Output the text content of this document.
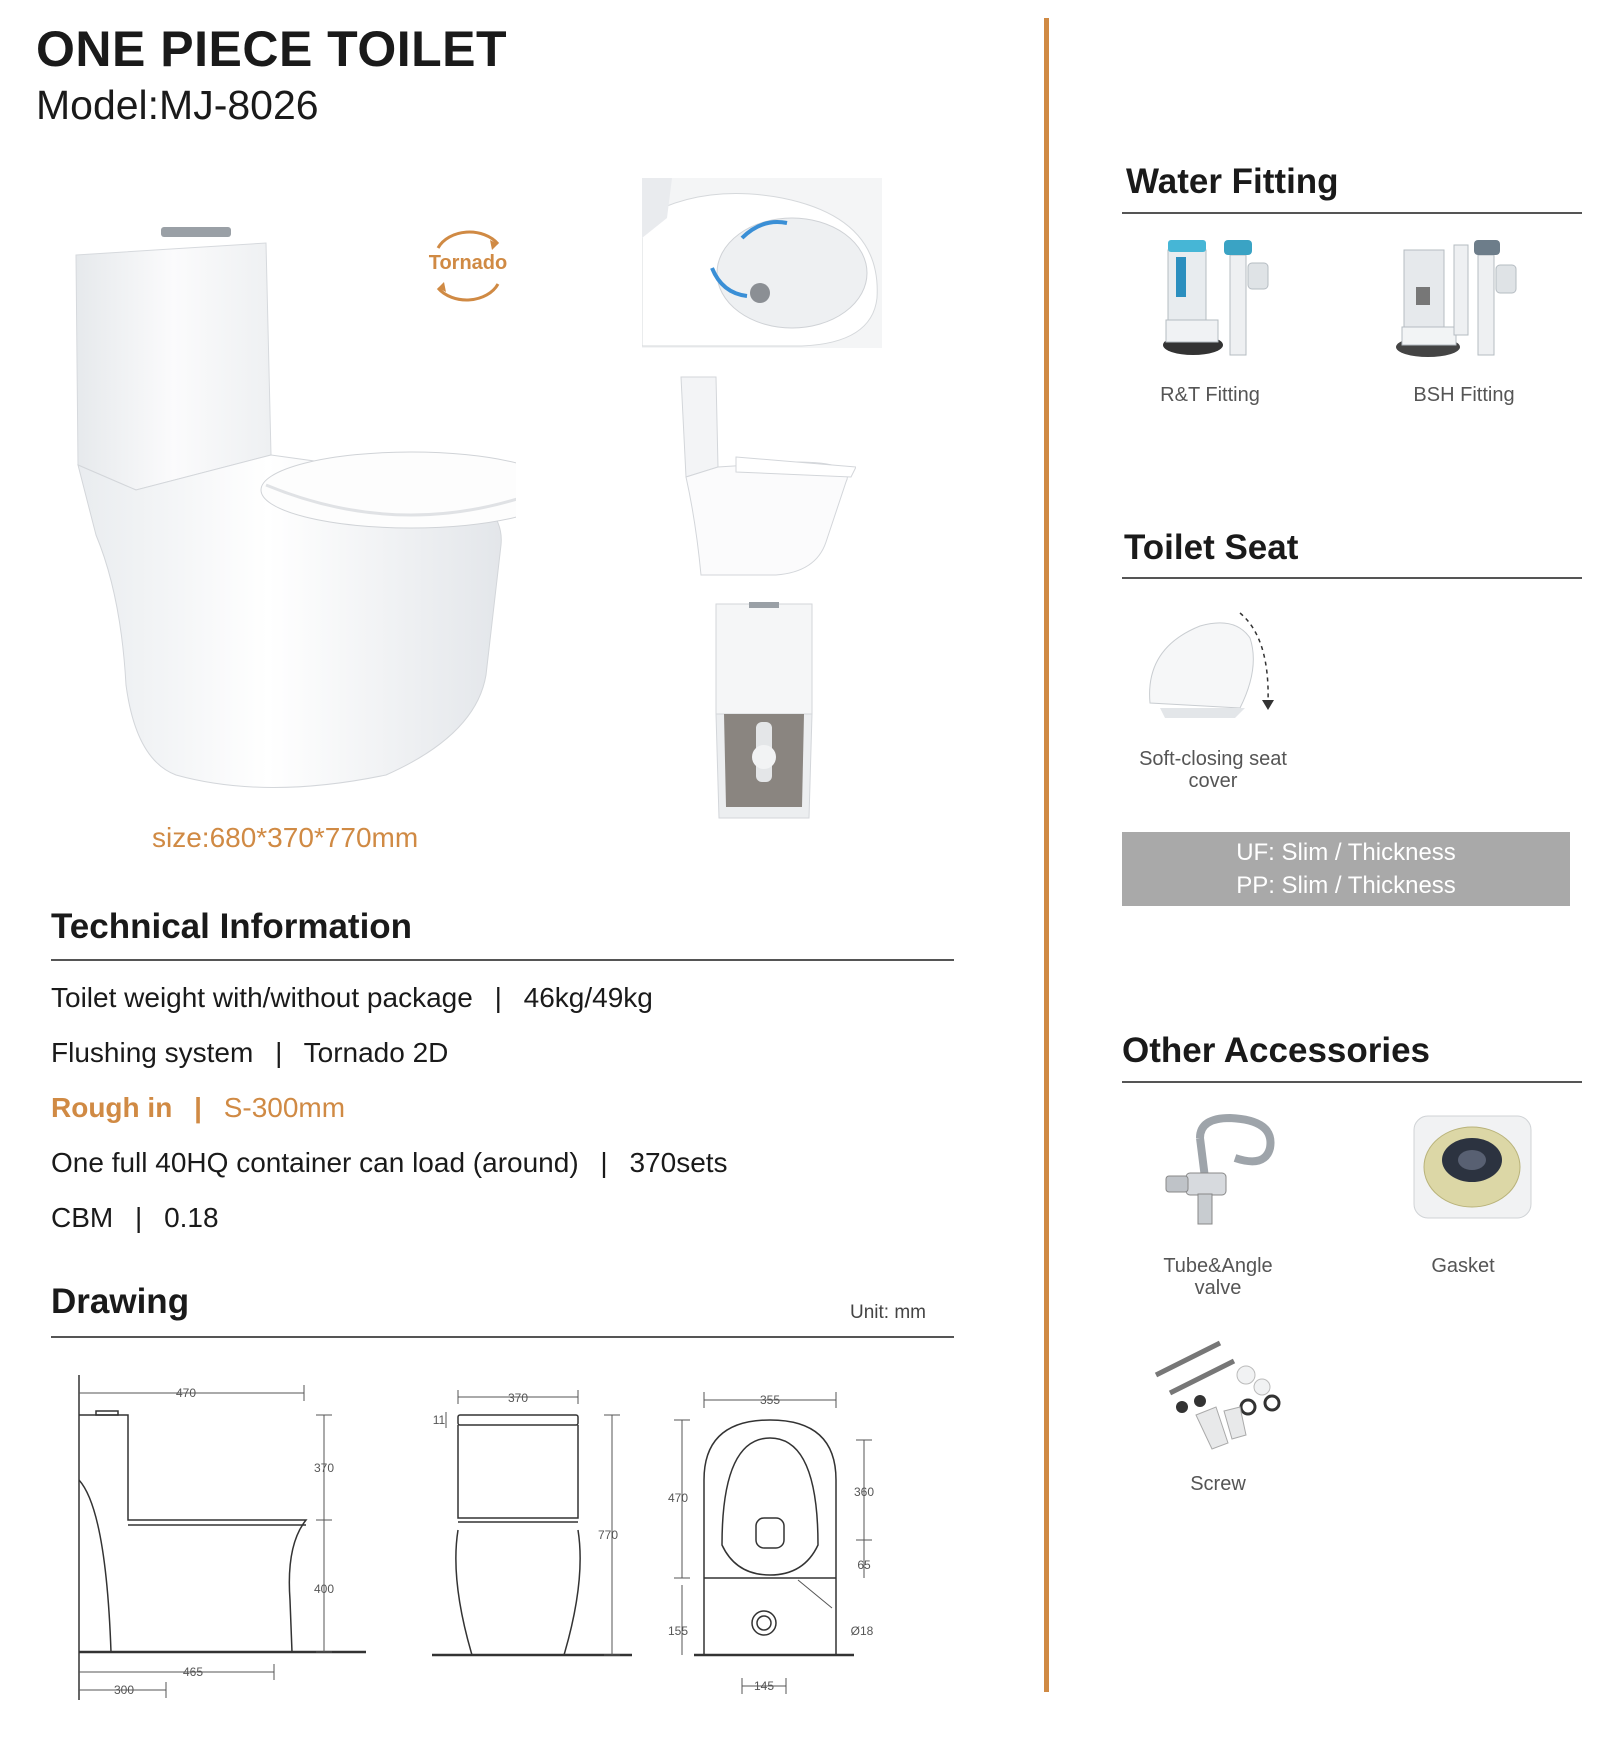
ONE PIECE TOILET
Model:MJ-8026
Tornado
size:680*370*770mm
Technical Information
Toilet weight with/without package | 46kg/49kg
Flushing system | Tornado 2D
Rough in | S-300mm
One full 40HQ container can load (around) | 370sets
CBM | 0.18
Drawing	Unit: mm
470
370
400
465
300
370
11
770
355
470	360
65
155	Ø18
145
Water Fitting
R&T Fitting	BSH Fitting
Toilet Seat
Soft-closing seat cover
UF: Slim / Thickness
PP: Slim / Thickness
Other Accessories
Tube&Angle valve
Gasket
Screw
